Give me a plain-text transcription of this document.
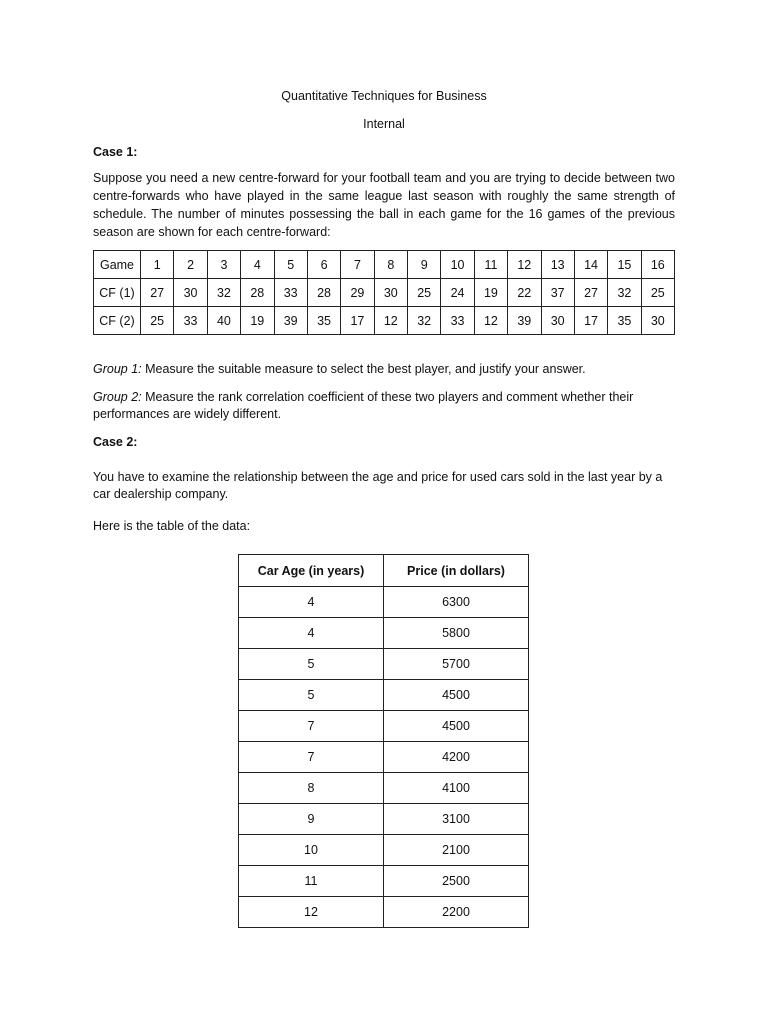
Quantitative Techniques for Business
Internal
Case 1:
Suppose you need a new centre-forward for your football team and you are trying to decide between two centre-forwards who have played in the same league last season with roughly the same strength of schedule. The number of minutes possessing the ball in each game for the 16 games of the previous season are shown for each centre-forward:
Game	1	2	3	4	5	6	7	8	9	10	11	12	13	14	15	16
CF (1)	27	30	32	28	33	28	29	30	25	24	19	22	37	27	32	25
CF (2)	25	33	40	19	39	35	17	12	32	33	12	39	30	17	35	30
Group 1: Measure the suitable measure to select the best player, and justify your answer.
Group 2: Measure the rank correlation coefficient of these two players and comment whether their performances are widely different.
Case 2:
You have to examine the relationship between the age and price for used cars sold in the last year by a car dealership company.
Here is the table of the data:
Car Age (in years)	Price (in dollars)
4	6300
4	5800
5	5700
5	4500
7	4500
7	4200
8	4100
9	3100
10	2100
11	2500
12	2200
